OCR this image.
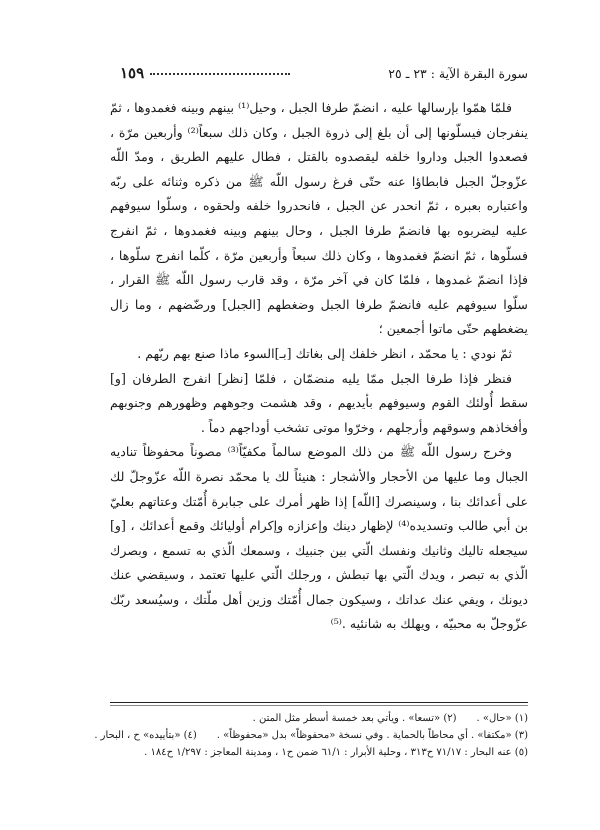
١٥٩	سورة البقرة الآية : ٢٣ ـ ٢٥

فلمّا همّوا بإرسالها عليه ، انضمّ طرفا الجبل ، وحيل⁽¹⁾ بينهم وبينه فغمدوها ، ثمّ ينفرجان فيسلّونها إلى أن بلغ إلى ذروة الجبل ، وكان ذلك سبعاً⁽²⁾ وأربعين مرّة ، فصعدوا الجبل وداروا خلفه ليقصدوه بالقتل ، فطال عليهم الطريق ، ومدّ اللّه عزّوجلّ الجبل فابطاؤا عنه حتّى فرغ رسول اللّه ﷺ من ذكره وثنائه على ربّه واعتباره بعبره ، ثمّ انحدر عن الجبل ، فانحدروا خلفه ولحقوه ، وسلّوا سيوفهم عليه ليضربوه بها فانضمّ طرفا الجبل ، وحال بينهم وبينه فغمدوها ، ثمّ انفرج فسلّوها ، ثمّ انضمّ فغمدوها ، وكان ذلك سبعاً وأربعين مرّة ، كلّما انفرج سلّوها ، فإذا انضمّ غمدوها ، فلمّا كان في آخر مرّة ، وقد قارب رسول اللّه ﷺ القرار ، سلّوا سيوفهم عليه فانضمّ طرفا الجبل وضغطهم [الجبل] ورضّضهم ، وما زال يضغطهم حتّى ماتوا أجمعين ؛

ثمّ نودي : يا محمّد ، انظر خلفك إلى بغاتك [بـ]السوء ماذا صنع بهم ربّهم .

فنظر فإذا طرفا الجبل ممّا يليه منضمّان ، فلمّا [نظر] انفرج الطرفان [و] سقط أُولئك القوم وسيوفهم بأيديهم ، وقد هشمت وجوههم وظهورهم وجنوبهم وأفخاذهم وسوقهم وأرجلهم ، وخرّوا موتى تشخب أوداجهم دماً .

وخرج رسول اللّه ﷺ من ذلك الموضع سالماً مكفيّاً⁽³⁾ مصوناً محفوظاً تناديه الجبال وما عليها من الأحجار والأشجار : هنيئاً لك يا محمّد نصرة اللّه عزّوجلّ لك على أعدائك بنا ، وسينصرك [اللّه] إذا ظهر أمرك على جبابرة أُمّتك وعتاتهم بعليّ بن أبي طالب وتسديده⁽⁴⁾ لإظهار دينك وإعزازه وإكرام أوليائك وقمع أعدائك ، [و] سيجعله تاليك وثانيك ونفسك الّتي بين جنبيك ، وسمعك الّذي به تسمع ، وبصرك الّذي به تبصر ، ويدك الّتي بها تبطش ، ورجلك الّتي عليها تعتمد ، وسيقضي عنك ديونك ، ويفي عنك عداتك ، وسيكون جمال أُمّتك وزين أهل ملّتك ، وسيُسعد ربّك عزّوجلّ به محبيّه ، ويهلك به شانئيه .⁽⁵⁾

(١) «حال» .
(٢) «تسعا» . ويأتي بعد خمسة أسطر مثل المتن .
(٣) «مكتفا» . أي محاطاً بالحماية . وفي نسخة «محفوظاً» بدل «محفوظاً» .
(٤) «بتأييده» ح ، البحار .
(٥) عنه البحار : ٧١/١٧ ح٣١٣ ، وحلية الأبرار : ٦١/١ ضمن ح١ ، ومدينة المعاجز : ١/٢٩٧ ح١٨٤ .
